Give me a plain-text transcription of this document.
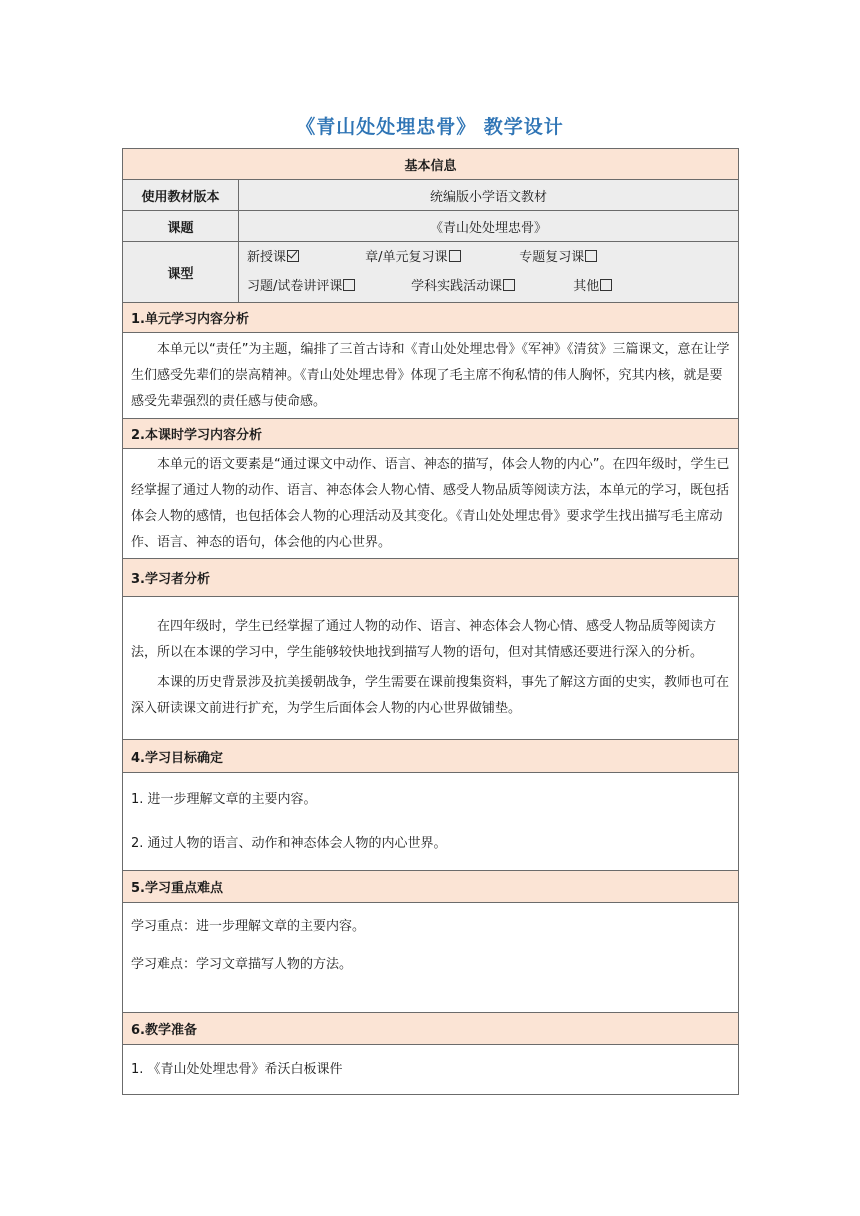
《青山处处埋忠骨》 教学设计
基本信息	
使用教材版本	统编版小学语文教材
课题	《青山处处埋忠骨》
课型	新授课 章/单元复习课 专题复习课
习题/试卷讲评课 学科实践活动课 其他

1.单元学习内容分析	

本单元以“责任”为主题，编排了三首古诗和《青山处处埋忠骨》《军神》《清贫》三篇课文，意在让学生们感受先辈们的崇高精神。《青山处处埋忠骨》体现了毛主席不徇私情的伟人胸怀，究其内核，就是要感受先辈强烈的责任感与使命感。	

2.本课时学习内容分析	

本单元的语文要素是“通过课文中动作、语言、神态的描写，体会人物的内心”。在四年级时，学生已经掌握了通过人物的动作、语言、神态体会人物心情、感受人物品质等阅读方法，本单元的学习，既包括体会人物的感情，也包括体会人物的心理活动及其变化。《青山处处埋忠骨》要求学生找出描写毛主席动作、语言、神态的语句，体会他的内心世界。	

3.学习者分析	

在四年级时，学生已经掌握了通过人物的动作、语言、神态体会人物心情、感受人物品质等阅读方法，所以在本课的学习中，学生能够较快地找到描写人物的语句，但对其情感还要进行深入的分析。

本课的历史背景涉及抗美援朝战争，学生需要在课前搜集资料，事先了解这方面的史实，教师也可在深入研读课文前进行扩充，为学生后面体会人物的内心世界做铺垫。	

4.学习目标确定	

1. 进一步理解文章的主要内容。

2. 通过人物的语言、动作和神态体会人物的内心世界。	

5.学习重点难点	

学习重点：进一步理解文章的主要内容。

学习难点：学习文章描写人物的方法。	

6.教学准备	

1. 《青山处处埋忠骨》希沃白板课件	
